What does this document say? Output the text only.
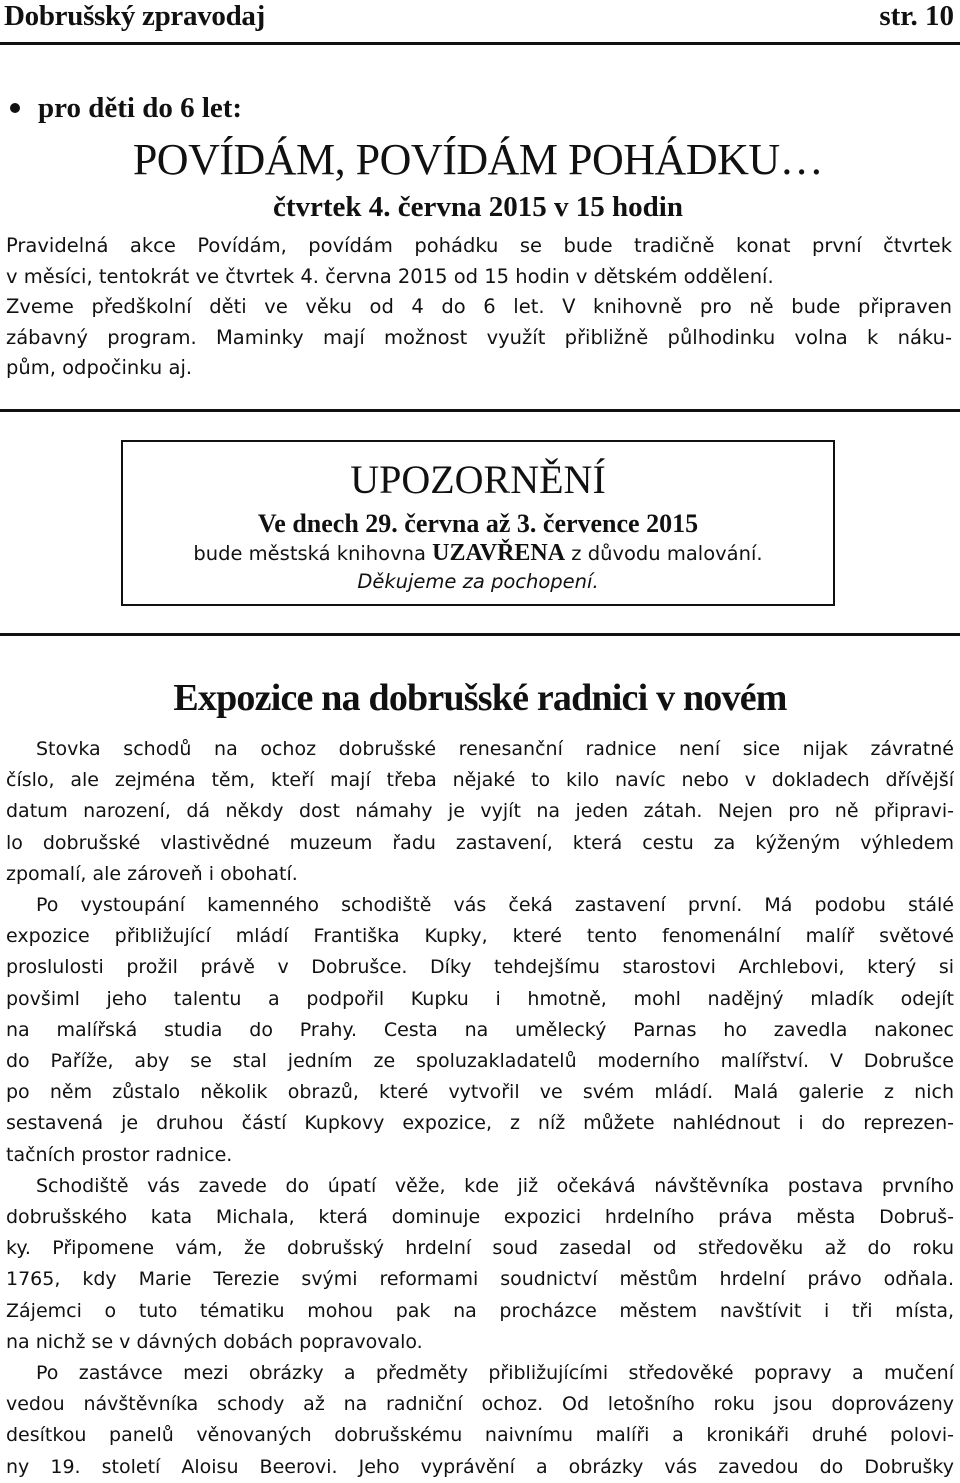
Dobrušský zpravodaj	str. 10
pro děti do 6 let:
POVÍDÁM, POVÍDÁM POHÁDKU…
čtvrtek 4. června 2015 v 15 hodin
Pravidelná akce Povídám, povídám pohádku se bude tradičně konat první čtvrtek
v měsíci, tentokrát ve čtvrtek 4. června 2015 od 15 hodin v dětském oddělení.
Zveme předškolní děti ve věku od 4 do 6 let. V knihovně pro ně bude připraven
zábavný program. Maminky mají možnost využít přibližně půlhodinku volna k náku-
pům, odpočinku aj.
UPOZORNĚNÍ
Ve dnech 29. června až 3. července 2015
bude městská knihovna UZAVŘENA z důvodu malování.
Děkujeme za pochopení.
Expozice na dobrušské radnici v novém
Stovka schodů na ochoz dobrušské renesanční radnice není sice nijak závratné
číslo, ale zejména těm, kteří mají třeba nějaké to kilo navíc nebo v dokladech dřívější
datum narození, dá někdy dost námahy je vyjít na jeden zátah. Nejen pro ně připravi-
lo dobrušské vlastivědné muzeum řadu zastavení, která cestu za kýženým výhledem
zpomalí, ale zároveň i obohatí.
Po vystoupání kamenného schodiště vás čeká zastavení první. Má podobu stálé
expozice přibližující mládí Františka Kupky, které tento fenomenální malíř světové
proslulosti prožil právě v Dobrušce. Díky tehdejšímu starostovi Archlebovi, který si
povšiml jeho talentu a podpořil Kupku i hmotně, mohl nadějný mladík odejít
na malířská studia do Prahy. Cesta na umělecký Parnas ho zavedla nakonec
do Paříže, aby se stal jedním ze spoluzakladatelů moderního malířství. V Dobrušce
po něm zůstalo několik obrazů, které vytvořil ve svém mládí. Malá galerie z nich
sestavená je druhou částí Kupkovy expozice, z níž můžete nahlédnout i do reprezen-
tačních prostor radnice.
Schodiště vás zavede do úpatí věže, kde již očekává návštěvníka postava prvního
dobrušského kata Michala, která dominuje expozici hrdelního práva města Dobruš-
ky. Připomene vám, že dobrušský hrdelní soud zasedal od středověku až do roku
1765, kdy Marie Terezie svými reformami soudnictví městům hrdelní právo odňala.
Zájemci o tuto tématiku mohou pak na procházce městem navštívit i tři místa,
na nichž se v dávných dobách popravovalo.
Po zastávce mezi obrázky a předměty přibližujícími středověké popravy a mučení
vedou návštěvníka schody až na radniční ochoz. Od letošního roku jsou doprovázeny
desítkou panelů věnovaných dobrušskému naivnímu malíři a kronikáři druhé polovi-
ny 19. století Aloisu Beerovi. Jeho vyprávění a obrázky vás zavedou do Dobrušky
